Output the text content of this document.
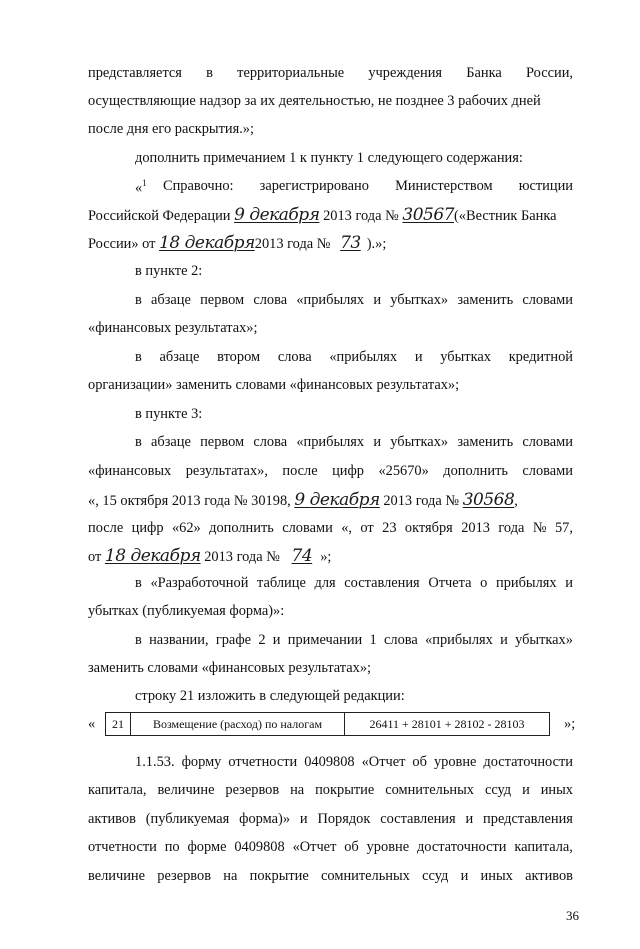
представляется в территориальные учреждения Банка России,
осуществляющие надзор за их деятельностью, не позднее 3 рабочих дней
после дня его раскрытия.»;
дополнить примечанием 1 к пункту 1 следующего содержания:
«$^1$ Справочно: зарегистрировано Министерством юстиции
Российской Федерации 9 декабря 2013 года № 30567(«Вестник Банка
России» от 18 декабря2013 года № 73 ).»;
в пункте 2:
в абзаце первом слова «прибылях и убытках» заменить словами
«финансовых результатах»;
в абзаце втором слова «прибылях и убытках кредитной
организации» заменить словами «финансовых результатах»;
в пункте 3:
в абзаце первом слова «прибылях и убытках» заменить словами
«финансовых результатах», после цифр «25670» дополнить словами
«, 15 октября 2013 года № 30198, 9 декабря 2013 года № 30568,
после цифр «62» дополнить словами «, от 23 октября 2013 года № 57,
от 18 декабря 2013 года № 74 »;
в «Разработочной таблице для составления Отчета о прибылях и
убытках (публикуемая форма)»:
в названии, графе 2 и примечании 1 слова «прибылях и убытках»
заменить словами «финансовых результатах»;
строку 21 изложить в следующей редакции:
« 21	Возмещение (расход) по налогам	26411 + 28101 + 28102 - 28103	»;
1.1.53. форму отчетности 0409808 «Отчет об уровне достаточности
капитала, величине резервов на покрытие сомнительных ссуд и иных
активов (публикуемая форма)» и Порядок составления и представления
отчетности по форме 0409808 «Отчет об уровне достаточности капитала,
величине резервов на покрытие сомнительных ссуд и иных активов
36
